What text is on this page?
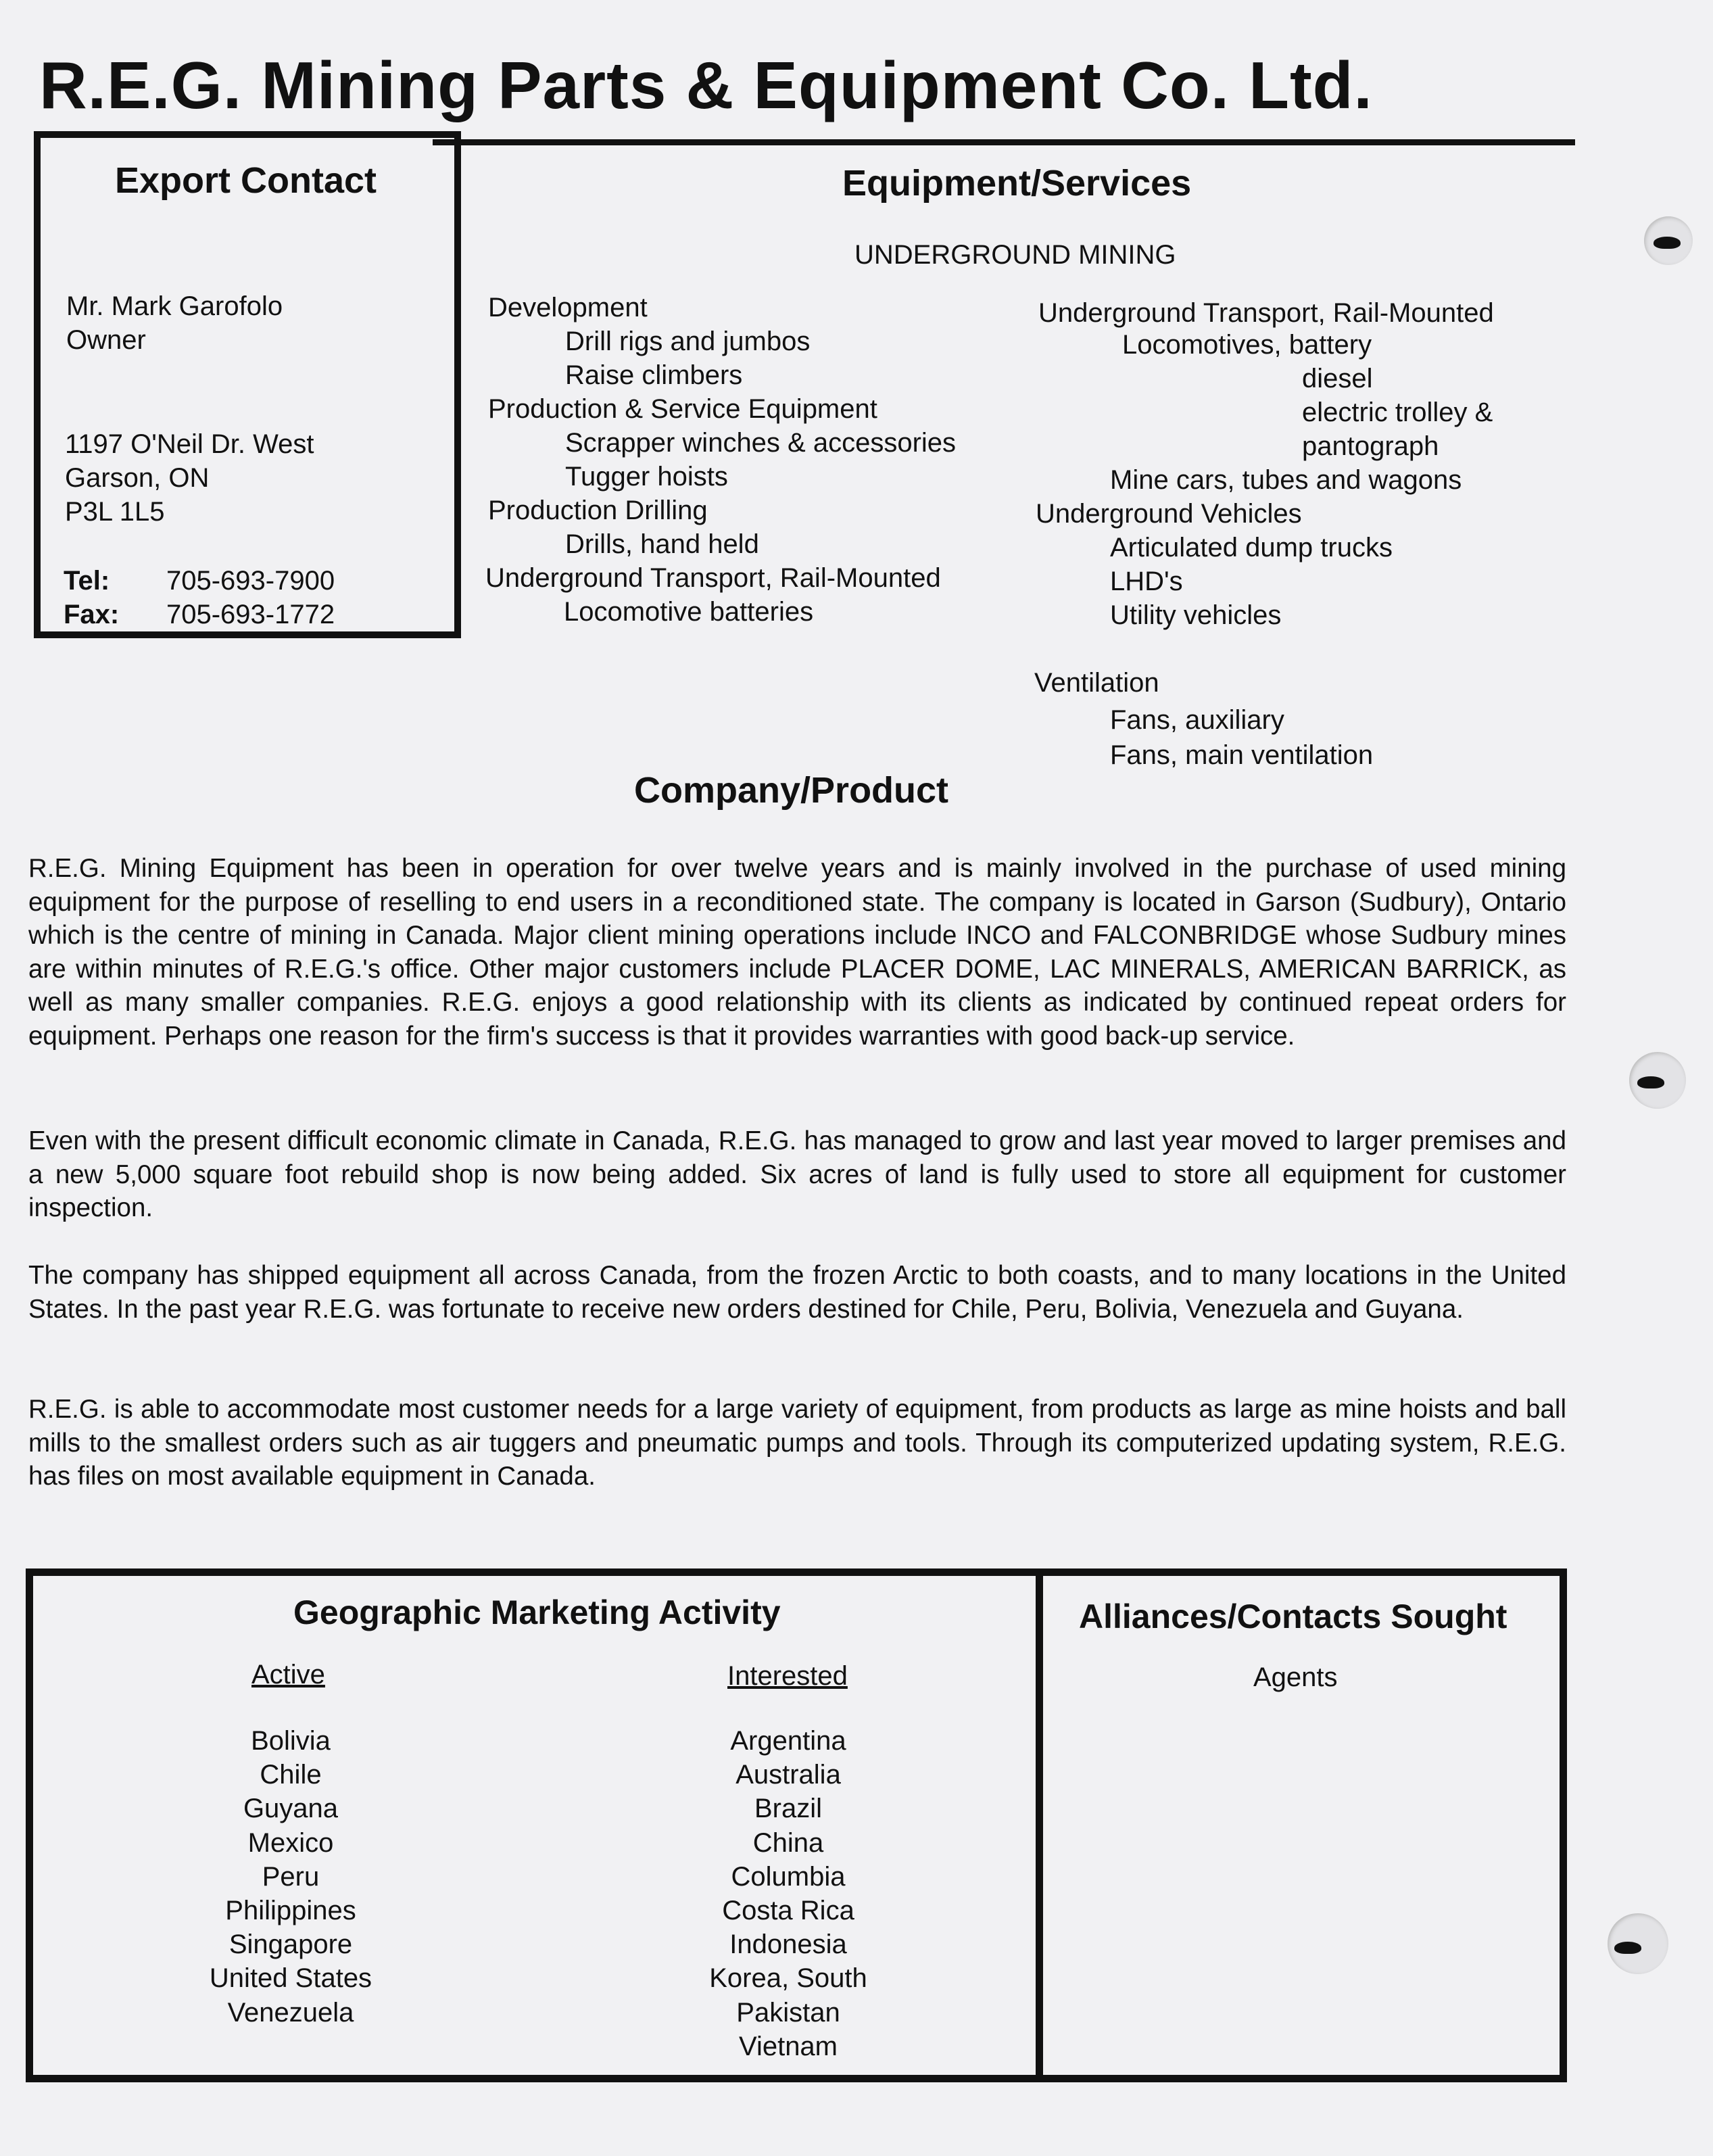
R.E.G. Mining Parts & Equipment Co. Ltd.
Export Contact
Mr. Mark Garofolo
Owner
1197 O'Neil Dr. West
Garson, ON
P3L 1L5
Tel: 705-693-7900
Fax: 705-693-1772
Equipment/Services
UNDERGROUND MINING
Development
Drill rigs and jumbos
Raise climbers
Production & Service Equipment
Scrapper winches & accessories
Tugger hoists
Production Drilling
Drills, hand held
Underground Transport, Rail-Mounted
Locomotive batteries
Underground Transport, Rail-Mounted
Locomotives, battery
diesel
electric trolley &
pantograph
Mine cars, tubes and wagons
Underground Vehicles
Articulated dump trucks
LHD's
Utility vehicles
Ventilation
Fans, auxiliary
Fans, main ventilation
Company/Product
R.E.G. Mining Equipment has been in operation for over twelve years and is mainly involved in the purchase of used mining equipment for the purpose of reselling to end users in a reconditioned state. The company is located in Garson (Sudbury), Ontario which is the centre of mining in Canada. Major client mining operations include INCO and FALCONBRIDGE whose Sudbury mines are within minutes of R.E.G.'s office. Other major customers include PLACER DOME, LAC MINERALS, AMERICAN BARRICK, as well as many smaller companies. R.E.G. enjoys a good relationship with its clients as indicated by continued repeat orders for equipment. Perhaps one reason for the firm's success is that it provides warranties with good back-up service.
Even with the present difficult economic climate in Canada, R.E.G. has managed to grow and last year moved to larger premises and a new 5,000 square foot rebuild shop is now being added. Six acres of land is fully used to store all equipment for customer inspection.
The company has shipped equipment all across Canada, from the frozen Arctic to both coasts, and to many locations in the United States. In the past year R.E.G. was fortunate to receive new orders destined for Chile, Peru, Bolivia, Venezuela and Guyana.
R.E.G. is able to accommodate most customer needs for a large variety of equipment, from products as large as mine hoists and ball mills to the smallest orders such as air tuggers and pneumatic pumps and tools. Through its computerized updating system, R.E.G. has files on most available equipment in Canada.
Geographic Marketing Activity
Active
Bolivia
Chile
Guyana
Mexico
Peru
Philippines
Singapore
United States
Venezuela
Interested
Argentina
Australia
Brazil
China
Columbia
Costa Rica
Indonesia
Korea, South
Pakistan
Vietnam
Alliances/Contacts Sought
Agents
